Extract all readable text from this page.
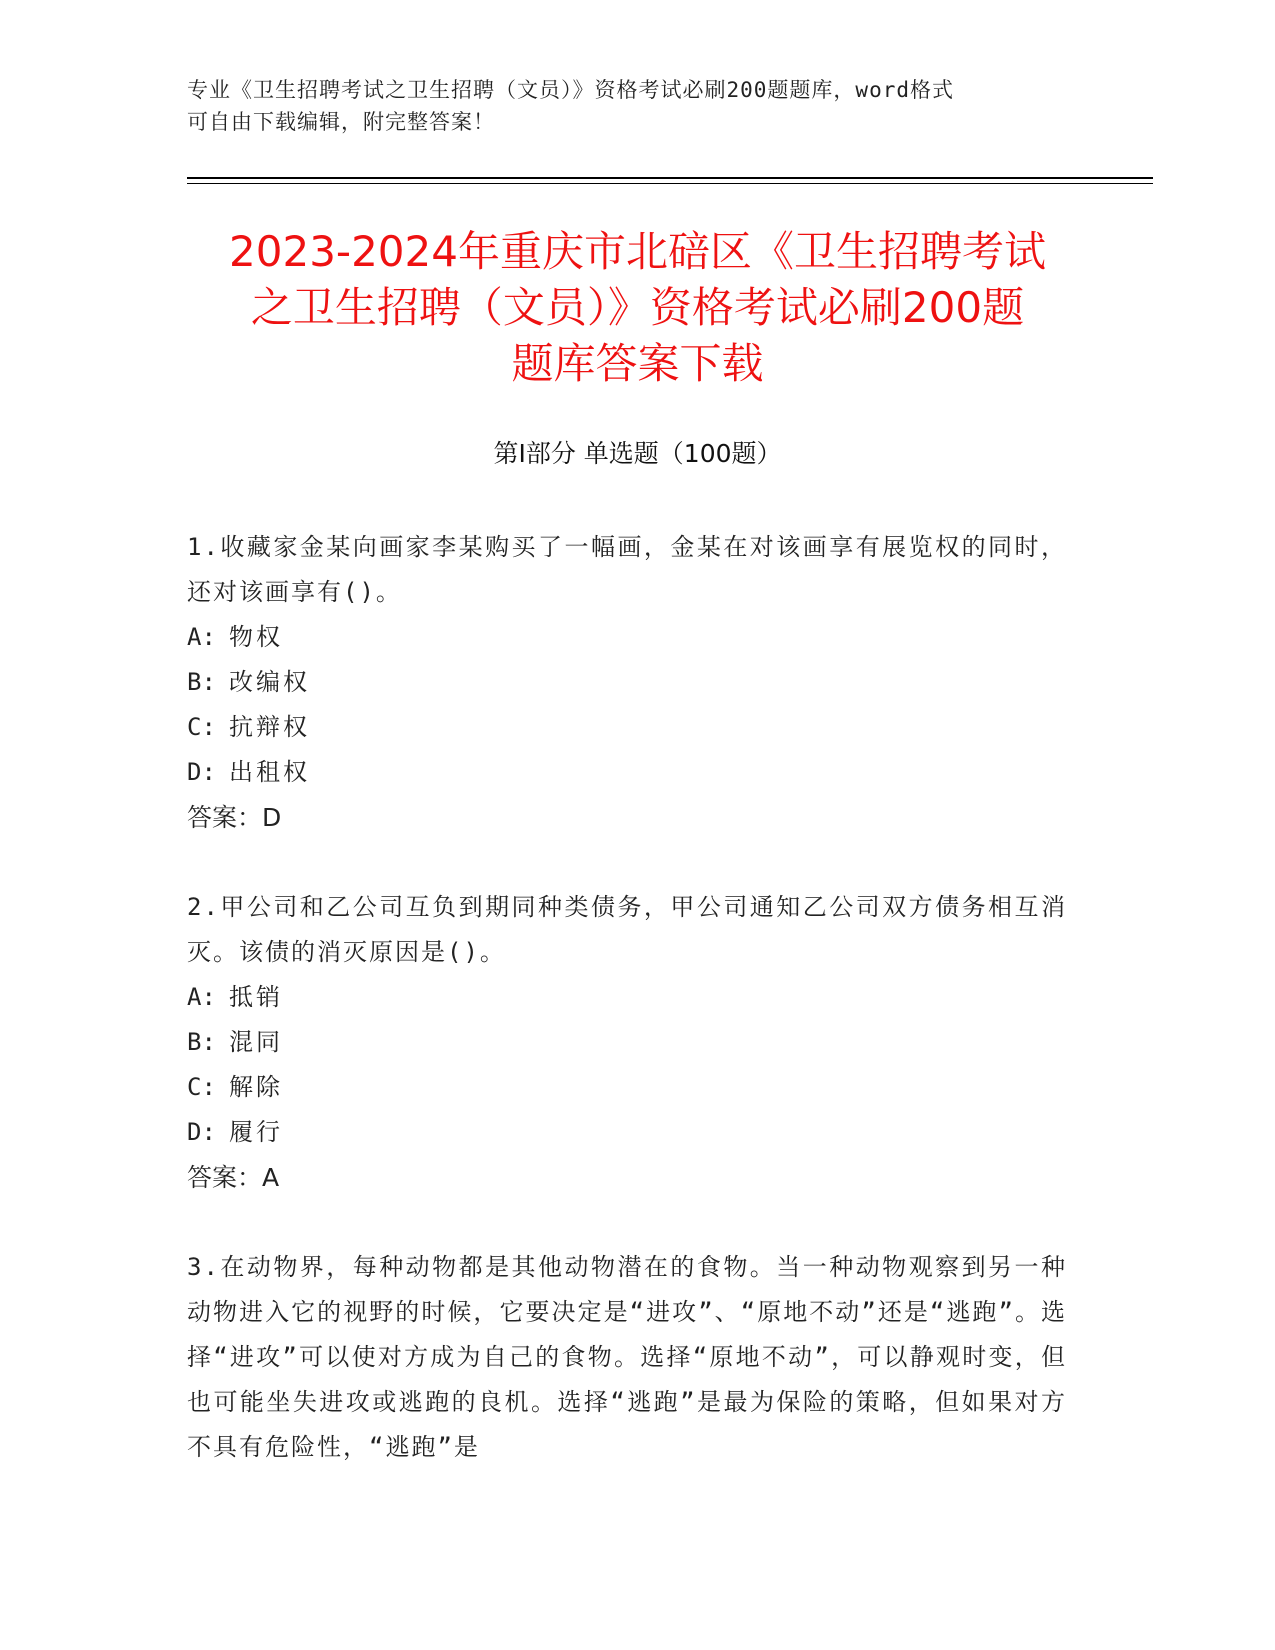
专业《卫生招聘考试之卫生招聘（文员）》资格考试必刷200题题库，word格式
可自由下载编辑，附完整答案！
2023-2024年重庆市北碚区《卫生招聘考试
之卫生招聘（文员）》资格考试必刷200题
题库答案下载
第Ⅰ部分 单选题（100题）

1.收藏家金某向画家李某购买了一幅画，金某在对该画享有展览权的同时，还对该画享有()。

A: 物权
B: 改编权
C: 抗辩权
D: 出租权
答案：D

2.甲公司和乙公司互负到期同种类债务，甲公司通知乙公司双方债务相互消灭。该债的消灭原因是()。

A: 抵销
B: 混同
C: 解除
D: 履行
答案：A

3.在动物界，每种动物都是其他动物潜在的食物。当一种动物观察到另一种动物进入它的视野的时候，它要决定是“进攻”、“原地不动”还是“逃跑”。选择“进攻”可以使对方成为自己的食物。选择“原地不动”，可以静观时变，但也可能坐失进攻或逃跑的良机。选择“逃跑”是最为保险的策略，但如果对方不具有危险性，“逃跑”是
